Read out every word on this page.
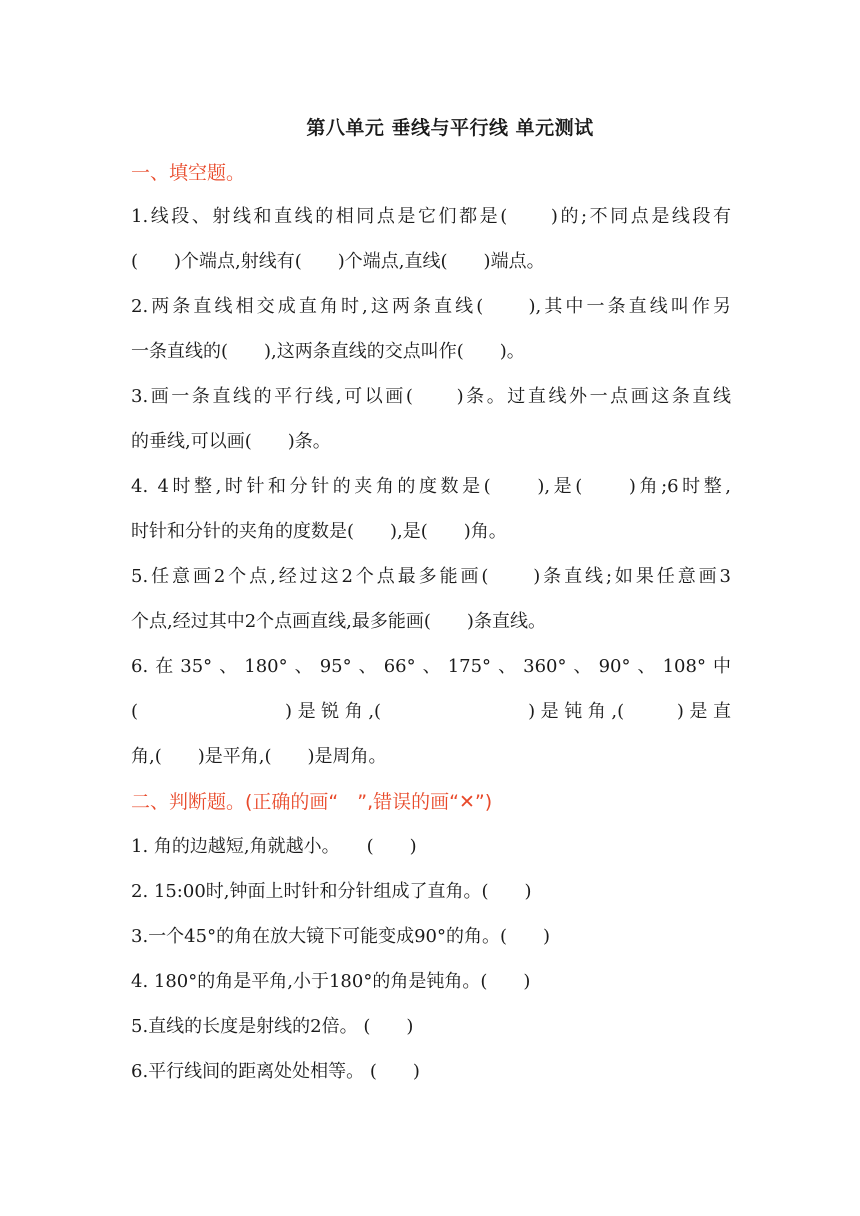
第八单元 垂线与平行线 单元测试
一、填空题。
1.线段、射线和直线的相同点是它们都是(　　)的;不同点是线段有
(　　)个端点,射线有(　　)个端点,直线(　　)端点。
2.两条直线相交成直角时,这两条直线(　　),其中一条直线叫作另
一条直线的(　　),这两条直线的交点叫作(　　)。
3.画一条直线的平行线,可以画(　　)条。过直线外一点画这条直线
的垂线,可以画(　　)条。
4. 4时整,时针和分针的夹角的度数是(　　),是(　　)角;6时整,
时针和分针的夹角的度数是(　　),是(　　)角。
5.任意画2个点,经过这2个点最多能画(　　)条直线;如果任意画3
个点,经过其中2个点画直线,最多能画(　　)条直线。
6.在35°、180°、95°、66°、175°、360°、90°、108°中
(　　　　　　)是锐角,(　　　　　　)是钝角,(　　)是直
角,(　　)是平角,(　　)是周角。
二、判断题。(正确的画“　”,错误的画“✕”)
1. 角的边越短,角就越小。　　(　　)
2. 15:00时,钟面上时针和分针组成了直角。(　　)
3.一个45°的角在放大镜下可能变成90°的角。(　　)
4. 180°的角是平角,小于180°的角是钝角。(　　)
5.直线的长度是射线的2倍。 (　　)
6.平行线间的距离处处相等。 (　　)
